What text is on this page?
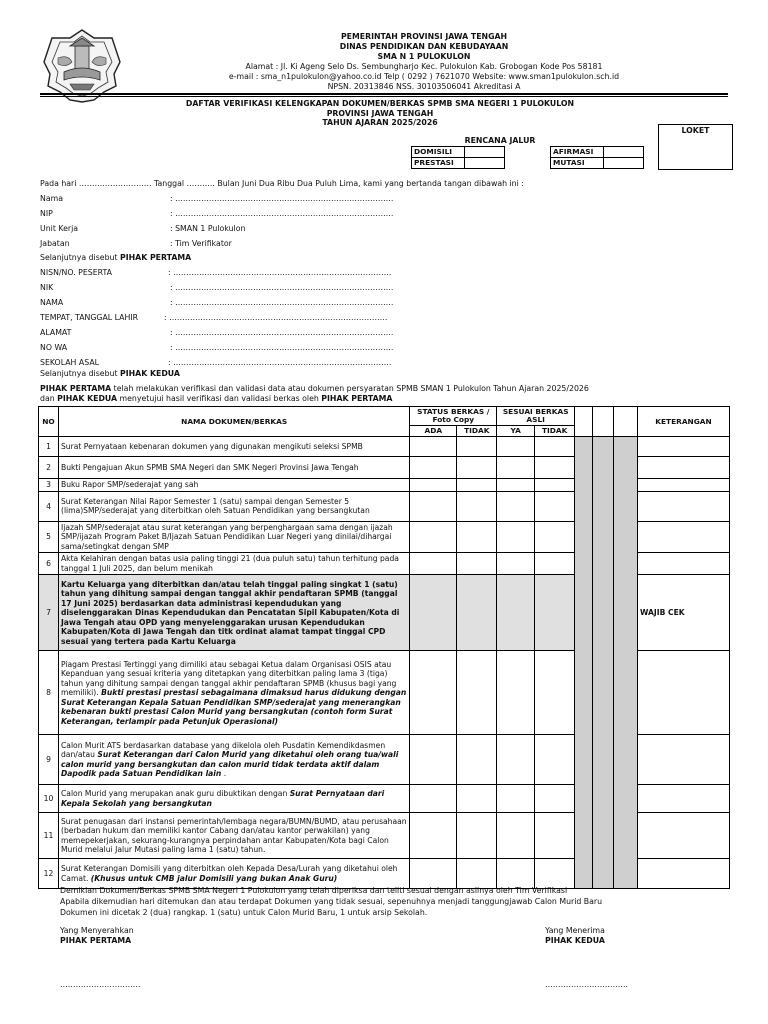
PEMERINTAH PROVINSI JAWA TENGAH
DINAS PENDIDIKAN DAN KEBUDAYAAN
SMA N 1 PULOKULON
Alamat : Jl. Ki Ageng Selo Ds. Sembungharjo Kec. Pulokulon Kab. Grobogan Kode Pos 58181
e-mail : sma_n1pulokulon@yahoo.co.id Telp ( 0292 ) 7621070 Website: www.sman1pulokulon.sch.id
NPSN. 20313846 NSS. 30103506041 Akreditasi A
DAFTAR VERIFIKASI KELENGKAPAN DOKUMEN/BERKAS SPMB SMA NEGERI 1 PULOKULON
PROVINSI JAWA TENGAH
TAHUN AJARAN 2025/2026
LOKET
RENCANA JALUR
DOMISILI			AFIRMASI	
PRESTASI			MUTASI	
Pada hari ………………………. Tanggal ……….. Bulan Juni Dua Ribu Dua Puluh Lima, kami yang bertanda tangan dibawah ini :
Nama	: …………………………………………………………………………
NIP	: …………………………………………………………………………
Unit Kerja	: SMAN 1 Pulokulon
Jabatan	: Tim Verifikator
Selanjutnya disebut PIHAK PERTAMA
NISN/NO. PESERTA	: …………………………………………………………………………
NIK	: …………………………………………………………………………
NAMA	: …………………………………………………………………………
TEMPAT, TANGGAL LAHIR	: …………………………………………………………………………
ALAMAT	: …………………………………………………………………………
NO WA	: …………………………………………………………………………
SEKOLAH ASAL	: …………………………………………………………………………
Selanjutnya disebut PIHAK KEDUA
PIHAK PERTAMA telah melakukan verifikasi dan validasi data atau dokumen persyaratan SPMB SMAN 1 Pulokulon Tahun Ajaran 2025/2026
dan PIHAK KEDUA menyetujui hasil verifikasi dan validasi berkas oleh PIHAK PERTAMA
NO	NAMA DOKUMEN/BERKAS	STATUS BERKAS / Foto Copy		SESUAI BERKAS ASLI					KETERANGAN
		ADA	TIDAK	YA	TIDAK				
1	Surat Pernyataan kebenaran dokumen yang digunakan mengikuti seleksi SPMB								
2	Bukti Pengajuan Akun SPMB SMA Negeri dan SMK Negeri Provinsi Jawa Tengah								
3	Buku Rapor SMP/sederajat yang sah								
4	Surat Keterangan Nilai Rapor Semester 1 (satu) sampai dengan Semester 5 (lima)SMP/sederajat yang diterbitkan oleh Satuan Pendidikan yang bersangkutan								
5	Ijazah SMP/sederajat atau surat keterangan yang berpenghargaan sama dengan ijazah SMP/ijazah Program Paket B/Ijazah Satuan Pendidikan Luar Negeri yang dinilai/dihargai sama/setingkat dengan SMP								
6	Akta Kelahiran dengan batas usia paling tinggi 21 (dua puluh satu) tahun terhitung pada tanggal 1 Juli 2025, dan belum menikah								
7	Kartu Keluarga yang diterbitkan dan/atau telah tinggal paling singkat 1 (satu) tahun yang dihitung sampai dengan tanggal akhir pendaftaran SPMB (tanggal 17 Juni 2025) berdasarkan data administrasi kependudukan yang diselenggarakan Dinas Kependudukan dan Pencatatan Sipil Kabupaten/Kota di Jawa Tengah atau OPD yang menyelenggarakan urusan Kependudukan Kabupaten/Kota di Jawa Tengah dan titk ordinat alamat tampat tinggal CPD sesuai yang tertera pada Kartu Keluarga								WAJIB CEK
8	Piagam Prestasi Tertinggi yang dimiliki atau sebagai Ketua dalam Organisasi OSIS atau Kepanduan yang sesuai kriteria yang ditetapkan yang diterbitkan paling lama 3 (tiga) tahun yang dihitung sampai dengan tanggal akhir pendaftaran SPMB (khusus bagi yang memiliki). Bukti prestasi prestasi sebagaimana dimaksud harus didukung dengan Surat Keterangan Kepala Satuan Pendidikan SMP/sederajat yang menerangkan kebenaran bukti prestasi Calon Murid yang bersangkutan (contoh form Surat Keterangan, terlampir pada Petunjuk Operasional)								
9	Calon Murit ATS berdasarkan database yang dikelola oleh Pusdatin Kemendikdasmen dan/atau Surat Keterangan dari Calon Murid yang diketahui oleh orang tua/wali calon murid yang bersangkutan dan calon murid tidak terdata aktif dalam Dapodik pada Satuan Pendidikan lain .								
10	Calon Murid yang merupakan anak guru dibuktikan dengan Surat Pernyataan dari Kepala Sekolah yang bersangkutan								
11	Surat penugasan dari instansi pemerintah/lembaga negara/BUMN/BUMD, atau perusahaan (berbadan hukum dan memiliki kantor Cabang dan/atau kantor perwakilan) yang memepekerjakan, sekurang-kurangnya perpindahan antar Kabupaten/Kota bagi Calon Murid melalui Jalur Mutasi paling lama 1 (satu) tahun.								
12	Surat Keterangan Domisili yang diterbitkan oleh Kepada Desa/Lurah yang diketahui oleh Camat. (Khusus untuk CMB jalur Domisili yang bukan Anak Guru)								
Demikian Dokumen/Berkas SPMB SMA Negeri 1 Pulokulon yang telah diperiksa dan teliti sesuai dengan aslinya oleh Tim Verifikasi
Apabila dikemudian hari ditemukan dan atau terdapat Dokumen yang tidak sesuai, sepenuhnya menjadi tanggungjawab Calon Murid Baru
Dokumen ini dicetak 2 (dua) rangkap. 1 (satu) untuk Calon Murid Baru, 1 untuk arsip Sekolah.
Yang Menyerahkan
PIHAK PERTAMA
Yang Menerima
PIHAK KEDUA
………………………….	…………………………..
